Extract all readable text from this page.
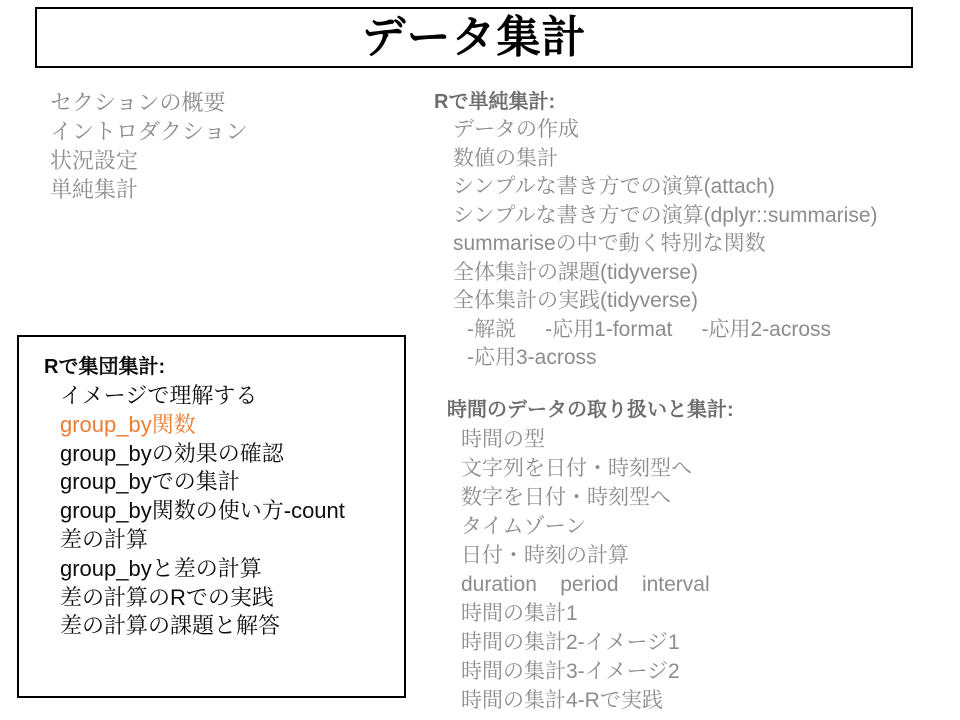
データ集計
セクションの概要
イントロダクション
状況設定
単純集計
Rで単純集計:
データの作成
数値の集計
シンプルな書き方での演算(attach)
シンプルな書き方での演算(dplyr::summarise)
summariseの中で動く特別な関数
全体集計の課題(tidyverse)
全体集計の実践(tidyverse)
-解説     -応用1-format     -応用2-across
-応用3-across
Rで集団集計:
イメージで理解する
group_by関数
group_byの効果の確認
group_byでの集計
group_by関数の使い方-count
差の計算
group_byと差の計算
差の計算のRでの実践
差の計算の課題と解答
時間のデータの取り扱いと集計:
時間の型
文字列を日付・時刻型へ
数字を日付・時刻型へ
タイムゾーン
日付・時刻の計算
duration    period    interval
時間の集計1
時間の集計2-イメージ1
時間の集計3-イメージ2
時間の集計4-Rで実践
